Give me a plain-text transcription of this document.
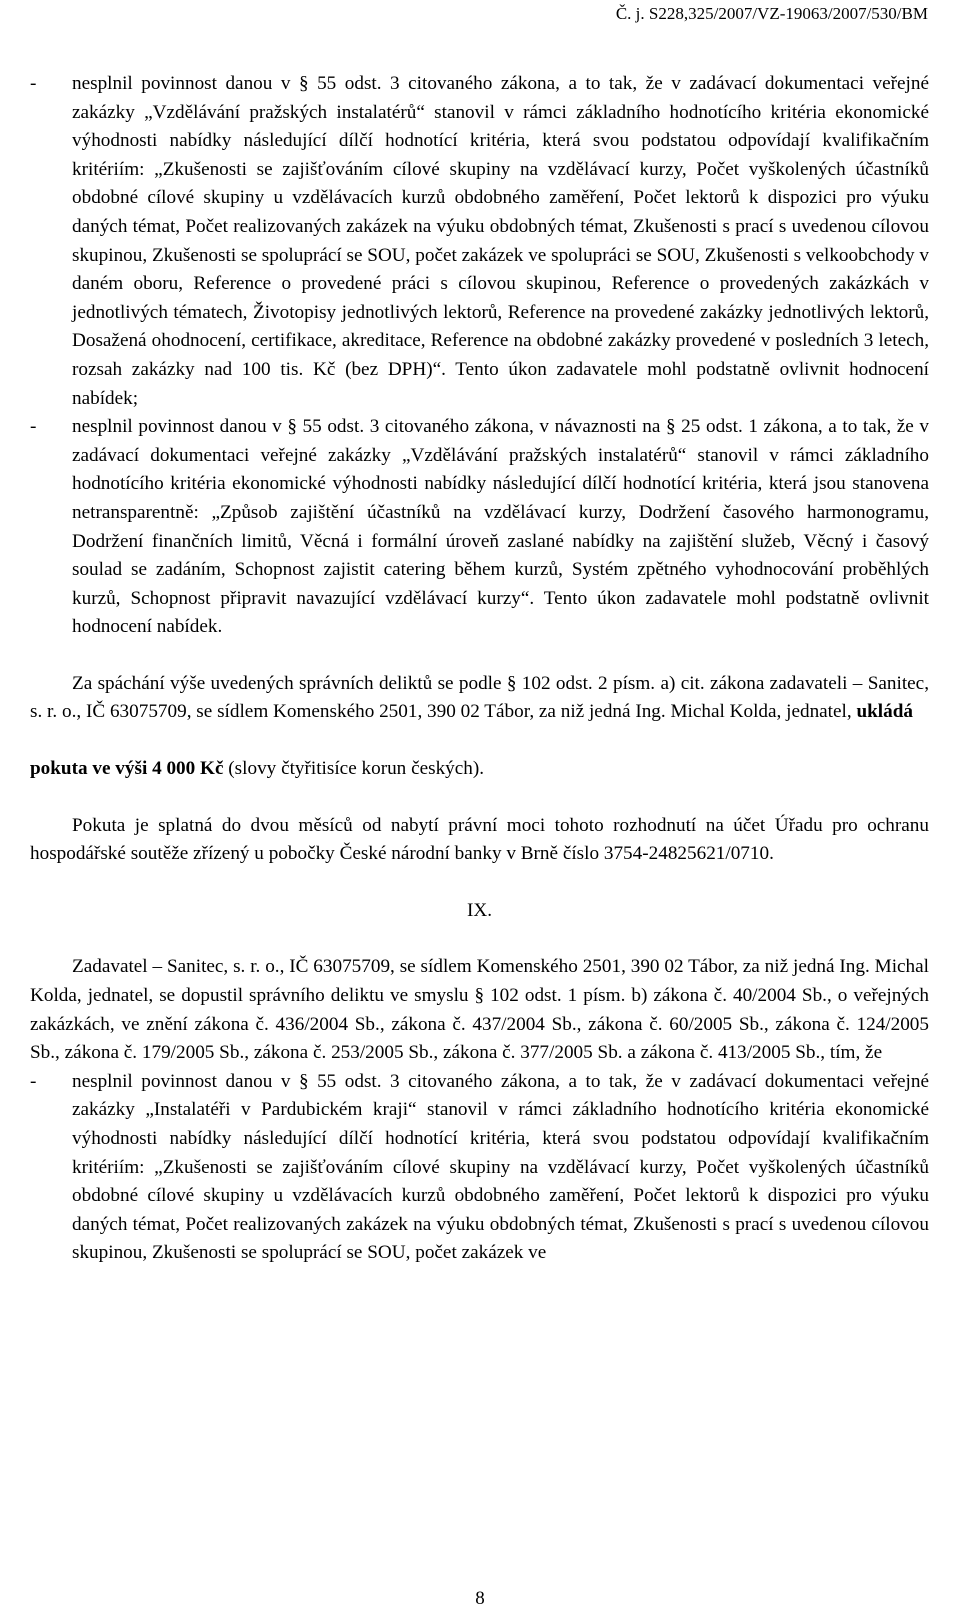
Č. j. S228,325/2007/VZ-19063/2007/530/BM
-	nesplnil povinnost danou v § 55 odst. 3 citovaného zákona, a to tak, že v zadávací dokumentaci veřejné zakázky „Vzdělávání pražských instalatérů“ stanovil v rámci základního hodnotícího kritéria ekonomické výhodnosti nabídky následující dílčí hodnotící kritéria, která svou podstatou odpovídají kvalifikačním kritériím: „Zkušenosti se zajišťováním cílové skupiny na vzdělávací kurzy, Počet vyškolených účastníků obdobné cílové skupiny u vzdělávacích kurzů obdobného zaměření, Počet lektorů k dispozici pro výuku daných témat, Počet realizovaných zakázek na výuku obdobných témat, Zkušenosti s prací s uvedenou cílovou skupinou, Zkušenosti se spoluprácí se SOU, počet zakázek ve spolupráci se SOU, Zkušenosti s velkoobchody v daném oboru, Reference o provedené práci s cílovou skupinou, Reference o provedených zakázkách v jednotlivých tématech, Životopisy jednotlivých lektorů, Reference na provedené zakázky jednotlivých lektorů, Dosažená ohodnocení, certifikace, akreditace, Reference na obdobné zakázky provedené v posledních 3 letech, rozsah zakázky nad 100 tis. Kč (bez DPH)“. Tento úkon zadavatele mohl podstatně ovlivnit hodnocení nabídek;
-	nesplnil povinnost danou v § 55 odst. 3 citovaného zákona, v návaznosti na § 25 odst. 1 zákona, a to tak, že v zadávací dokumentaci veřejné zakázky „Vzdělávání pražských instalatérů“ stanovil v rámci základního hodnotícího kritéria ekonomické výhodnosti nabídky následující dílčí hodnotící kritéria, která jsou stanovena netransparentně: „Způsob zajištění účastníků na vzdělávací kurzy, Dodržení časového harmonogramu, Dodržení finančních limitů, Věcná i formální úroveň zaslané nabídky na zajištění služeb, Věcný i časový soulad se zadáním, Schopnost zajistit catering během kurzů, Systém zpětného vyhodnocování proběhlých kurzů, Schopnost připravit navazující vzdělávací kurzy“. Tento úkon zadavatele mohl podstatně ovlivnit hodnocení nabídek.

Za spáchání výše uvedených správních deliktů se podle § 102 odst. 2 písm. a) cit. zákona zadavateli – Sanitec, s. r. o., IČ 63075709, se sídlem Komenského 2501, 390 02 Tábor, za niž jedná Ing. Michal Kolda, jednatel, ukládá

pokuta ve výši 4 000 Kč (slovy čtyřitisíce korun českých).

Pokuta je splatná do dvou měsíců od nabytí právní moci tohoto rozhodnutí na účet Úřadu pro ochranu hospodářské soutěže zřízený u pobočky České národní banky v Brně číslo 3754-24825621/0710.

IX.

Zadavatel – Sanitec, s. r. o., IČ 63075709, se sídlem Komenského 2501, 390 02 Tábor, za niž jedná Ing. Michal Kolda, jednatel, se dopustil správního deliktu ve smyslu § 102 odst. 1 písm. b) zákona č. 40/2004 Sb., o veřejných zakázkách, ve znění zákona č. 436/2004 Sb., zákona č. 437/2004 Sb., zákona č. 60/2005 Sb., zákona č. 124/2005 Sb., zákona č. 179/2005 Sb., zákona č. 253/2005 Sb., zákona č. 377/2005 Sb. a zákona č. 413/2005 Sb., tím, že

-	nesplnil povinnost danou v § 55 odst. 3 citovaného zákona, a to tak, že v zadávací dokumentaci veřejné zakázky „Instalatéři v Pardubickém kraji“ stanovil v rámci základního hodnotícího kritéria ekonomické výhodnosti nabídky následující dílčí hodnotící kritéria, která svou podstatou odpovídají kvalifikačním kritériím: „Zkušenosti se zajišťováním cílové skupiny na vzdělávací kurzy, Počet vyškolených účastníků obdobné cílové skupiny u vzdělávacích kurzů obdobného zaměření, Počet lektorů k dispozici pro výuku daných témat, Počet realizovaných zakázek na výuku obdobných témat, Zkušenosti s prací s uvedenou cílovou skupinou, Zkušenosti se spoluprácí se SOU, počet zakázek ve
8
